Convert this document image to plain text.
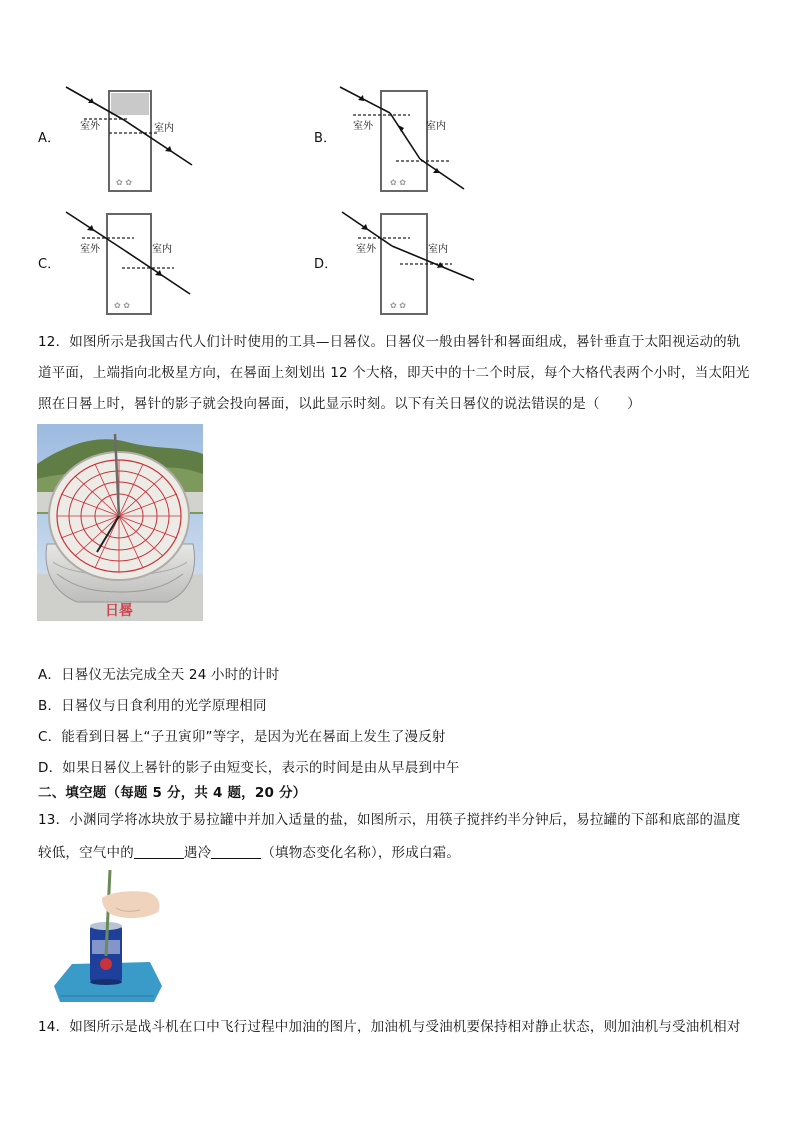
A．
室外	室内
✿ ✿
B．
室外	室内
✿ ✿
C．
室外	室内
✿ ✿
D．
室外	室内
✿ ✿
12．如图所示是我国古代人们计时使用的工具—日晷仪。日晷仪一般由晷针和晷面组成，晷针垂直于太阳视运动的轨
道平面，上端指向北极星方向，在晷面上刻划出 12 个大格，即天中的十二个时辰，每个大格代表两个小时，当太阳光
照在日晷上时，晷针的影子就会投向晷面，以此显示时刻。以下有关日晷仪的说法错误的是（　　）
日晷
A．日晷仪无法完成全天 24 小时的计时
B．日晷仪与日食利用的光学原理相同
C．能看到日晷上“子丑寅卯”等字，是因为光在晷面上发生了漫反射
D．如果日晷仪上晷针的影子由短变长，表示的时间是由从早晨到中午
二、填空题（每题 5 分，共 4 题，20 分）
13．小渊同学将冰块放于易拉罐中并加入适量的盐，如图所示，用筷子搅拌约半分钟后，易拉罐的下部和底部的温度
较低，空气中的	遇冷	（填物态变化名称），形成白霜。
14．如图所示是战斗机在口中飞行过程中加油的图片，加油机与受油机要保持相对静止状态，则加油机与受油机相对
